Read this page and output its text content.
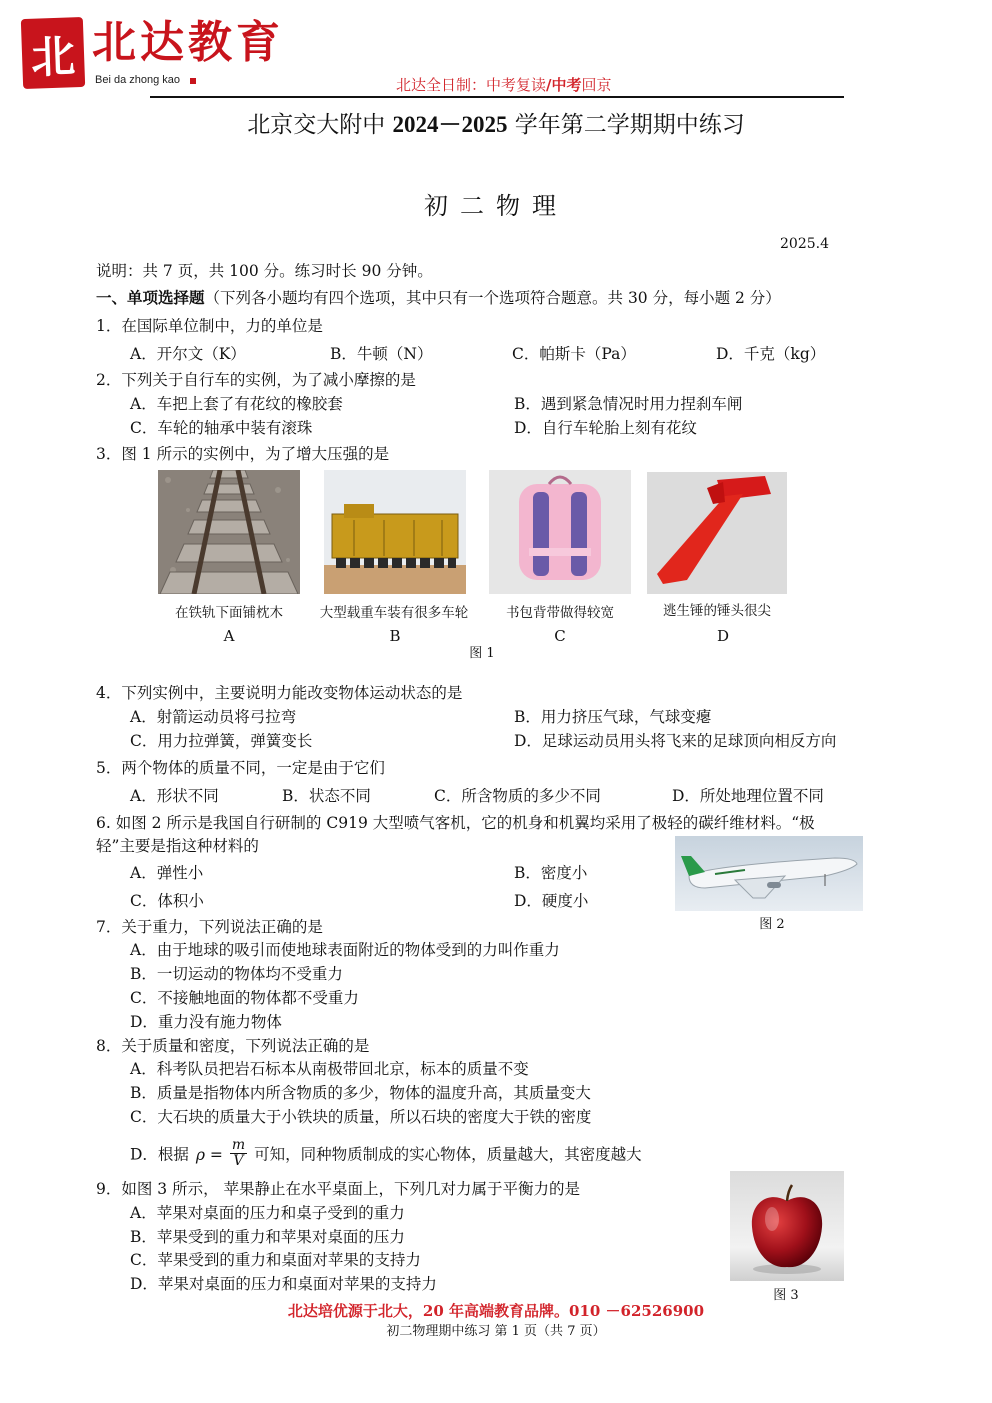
北 北达教育
Bei da zhong kao	北达全日制：中考复读/中考回京
北京交大附中 2024－2025 学年第二学期期中练习
初二物理
2025.4
说明：共 7 页，共 100 分。练习时长 90 分钟。
一、单项选择题（下列各小题均有四个选项，其中只有一个选项符合题意。共 30 分，每小题 2 分）
1．在国际单位制中，力的单位是
A．开尔文（K）	B．牛顿（N）	C．帕斯卡（Pa）	D．千克（kg）
2．下列关于自行车的实例，为了减小摩擦的是
A．车把上套了有花纹的橡胶套	B．遇到紧急情况时用力捏刹车闸
C．车轮的轴承中装有滚珠	D．自行车轮胎上刻有花纹
3．图 1 所示的实例中，为了增大压强的是
在铁轨下面铺枕木	大型载重车装有很多车轮	书包背带做得较宽	逃生锤的锤头很尖
A	B	C	D
图 1
4．下列实例中，主要说明力能改变物体运动状态的是
A．射箭运动员将弓拉弯	B．用力挤压气球，气球变瘪
C．用力拉弹簧，弹簧变长	D．足球运动员用头将飞来的足球顶向相反方向
5．两个物体的质量不同，一定是由于它们
A．形状不同	B．状态不同	C．所含物质的多少不同	D．所处地理位置不同
6. 如图 2 所示是我国自行研制的 C919 大型喷气客机，它的机身和机翼均采用了极轻的碳纤维材料。“极
轻”主要是指这种材料的
A．弹性小	B．密度小
C．体积小	D．硬度小
图 2
7．关于重力，下列说法正确的是
A．由于地球的吸引而使地球表面附近的物体受到的力叫作重力
B．一切运动的物体均不受重力
C．不接触地面的物体都不受重力
D．重力没有施力物体
8．关于质量和密度，下列说法正确的是
A．科考队员把岩石标本从南极带回北京，标本的质量不变
B．质量是指物体内所含物质的多少，物体的温度升高，其质量变大
C．大石块的质量大于小铁块的质量，所以石块的密度大于铁的密度
D．根据 $\rho = \frac{m}{V}$ 可知，同种物质制成的实心物体，质量越大，其密度越大
9．如图 3 所示， 苹果静止在水平桌面上，下列几对力属于平衡力的是
A．苹果对桌面的压力和桌子受到的重力
B．苹果受到的重力和苹果对桌面的压力
C．苹果受到的重力和桌面对苹果的支持力
D．苹果对桌面的压力和桌面对苹果的支持力
图 3
北达培优源于北大，20 年高端教育品牌。010 －62526900
初二物理期中练习 第 1 页（共 7 页）
